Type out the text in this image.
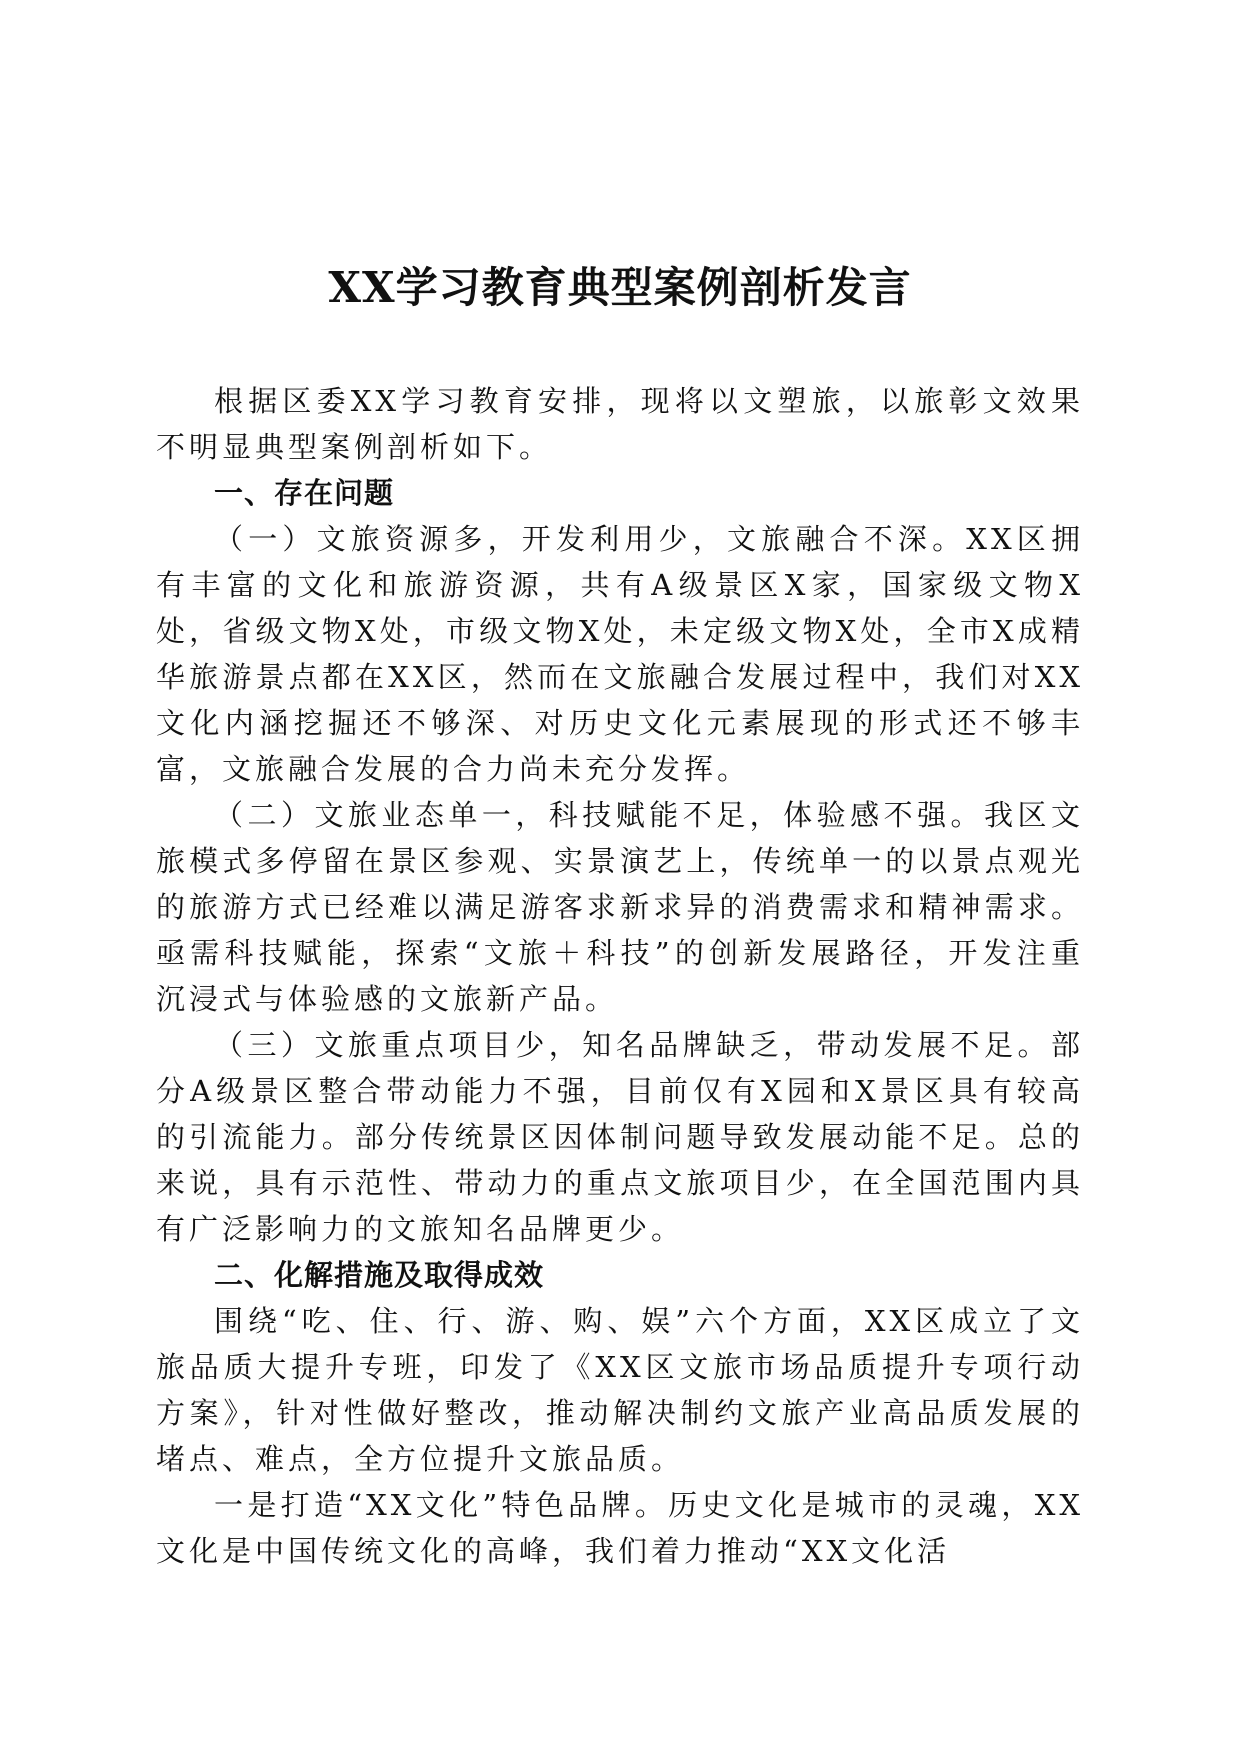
XX学习教育典型案例剖析发言

根据区委XX学习教育安排，现将以文塑旅，以旅彰文效果不明显典型案例剖析如下。

一、存在问题

（一）文旅资源多，开发利用少，文旅融合不深。XX区拥有丰富的文化和旅游资源，共有A级景区X家，国家级文物X处，省级文物X处，市级文物X处，未定级文物X处，全市X成精华旅游景点都在XX区，然而在文旅融合发展过程中，我们对XX文化内涵挖掘还不够深、对历史文化元素展现的形式还不够丰富，文旅融合发展的合力尚未充分发挥。

（二）文旅业态单一，科技赋能不足，体验感不强。我区文旅模式多停留在景区参观、实景演艺上，传统单一的以景点观光的旅游方式已经难以满足游客求新求异的消费需求和精神需求。亟需科技赋能，探索“文旅＋科技”的创新发展路径，开发注重沉浸式与体验感的文旅新产品。

（三）文旅重点项目少，知名品牌缺乏，带动发展不足。部分A级景区整合带动能力不强，目前仅有X园和X景区具有较高的引流能力。部分传统景区因体制问题导致发展动能不足。总的来说，具有示范性、带动力的重点文旅项目少，在全国范围内具有广泛影响力的文旅知名品牌更少。

二、化解措施及取得成效

围绕“吃、住、行、游、购、娱”六个方面，XX区成立了文旅品质大提升专班，印发了《XX区文旅市场品质提升专项行动方案》，针对性做好整改，推动解决制约文旅产业高品质发展的堵点、难点，全方位提升文旅品质。

一是打造“XX文化”特色品牌。历史文化是城市的灵魂，XX文化是中国传统文化的高峰，我们着力推动“XX文化活
